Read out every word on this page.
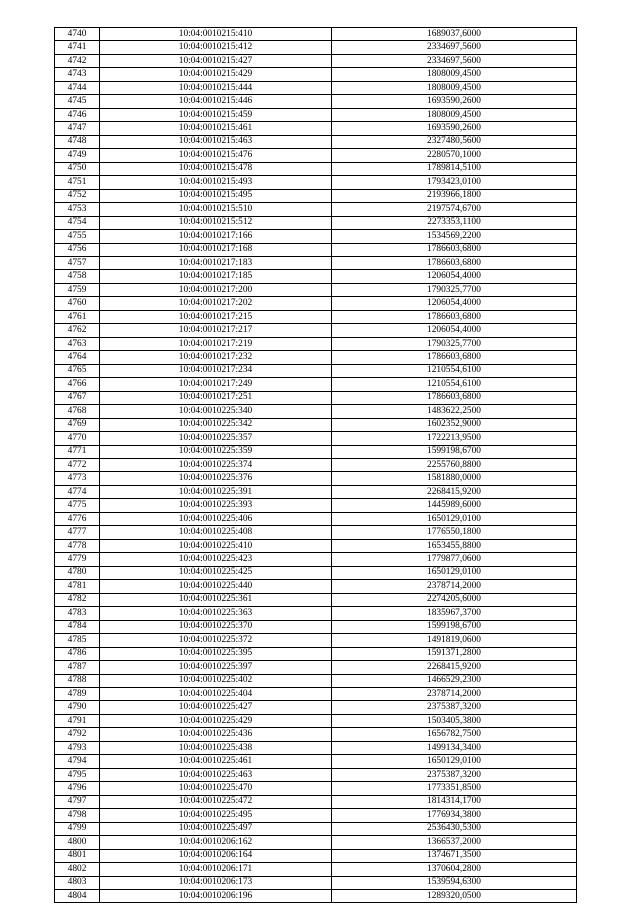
4740	10:04:0010215:410	1689037,6000
4741	10:04:0010215:412	2334697,5600
4742	10:04:0010215:427	2334697,5600
4743	10:04:0010215:429	1808009,4500
4744	10:04:0010215:444	1808009,4500
4745	10:04:0010215:446	1693590,2600
4746	10:04:0010215:459	1808009,4500
4747	10:04:0010215:461	1693590,2600
4748	10:04:0010215:463	2327480,5600
4749	10:04:0010215:476	2280570,1000
4750	10:04:0010215:478	1789814,5100
4751	10:04:0010215:493	1793423,0100
4752	10:04:0010215:495	2193966,1800
4753	10:04:0010215:510	2197574,6700
4754	10:04:0010215:512	2273353,1100
4755	10:04:0010217:166	1534569,2200
4756	10:04:0010217:168	1786603,6800
4757	10:04:0010217:183	1786603,6800
4758	10:04:0010217:185	1206054,4000
4759	10:04:0010217:200	1790325,7700
4760	10:04:0010217:202	1206054,4000
4761	10:04:0010217:215	1786603,6800
4762	10:04:0010217:217	1206054,4000
4763	10:04:0010217:219	1790325,7700
4764	10:04:0010217:232	1786603,6800
4765	10:04:0010217:234	1210554,6100
4766	10:04:0010217:249	1210554,6100
4767	10:04:0010217:251	1786603,6800
4768	10:04:0010225:340	1483622,2500
4769	10:04:0010225:342	1602352,9000
4770	10:04:0010225:357	1722213,9500
4771	10:04:0010225:359	1599198,6700
4772	10:04:0010225:374	2255760,8800
4773	10:04:0010225:376	1581880,0000
4774	10:04:0010225:391	2268415,9200
4775	10:04:0010225:393	1445989,6000
4776	10:04:0010225:406	1650129,0100
4777	10:04:0010225:408	1776550,1800
4778	10:04:0010225:410	1653455,8800
4779	10:04:0010225:423	1779877,0600
4780	10:04:0010225:425	1650129,0100
4781	10:04:0010225:440	2378714,2000
4782	10:04:0010225:361	2274205,6000
4783	10:04:0010225:363	1835967,3700
4784	10:04:0010225:370	1599198,6700
4785	10:04:0010225:372	1491819,0600
4786	10:04:0010225:395	1591371,2800
4787	10:04:0010225:397	2268415,9200
4788	10:04:0010225:402	1466529,2300
4789	10:04:0010225:404	2378714,2000
4790	10:04:0010225:427	2375387,3200
4791	10:04:0010225:429	1503405,3800
4792	10:04:0010225:436	1656782,7500
4793	10:04:0010225:438	1499134,3400
4794	10:04:0010225:461	1650129,0100
4795	10:04:0010225:463	2375387,3200
4796	10:04:0010225:470	1773351,8500
4797	10:04:0010225:472	1814314,1700
4798	10:04:0010225:495	1776934,3800
4799	10:04:0010225:497	2536430,5300
4800	10:04:0010206:162	1366537,2000
4801	10:04:0010206:164	1374671,3500
4802	10:04:0010206:171	1370604,2800
4803	10:04:0010206:173	1539594,6300
4804	10:04:0010206:196	1289320,0500
